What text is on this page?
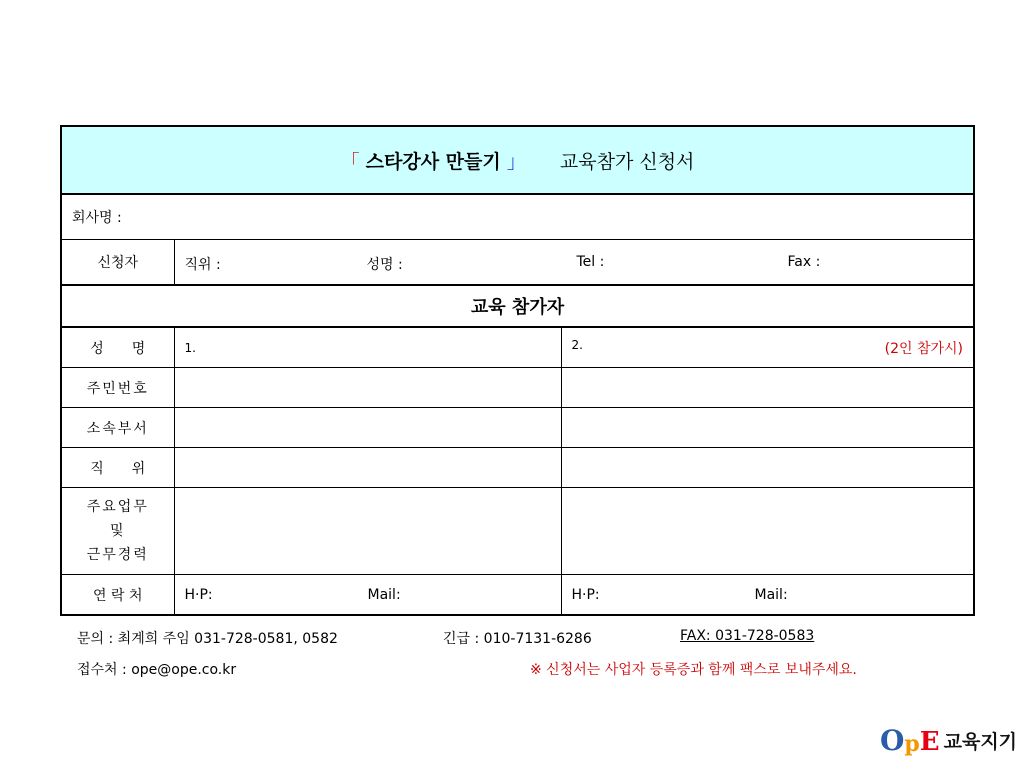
「 스타강사 만들기 」 교육참가 신청서		
회사명 :		
신청자	직위 : 성명 : Tel : Fax :	

교육 참가자		
성　　명	1.	2. (2인 참가시)

주민번호		
소속부서		
직　　위		

주요업무
및
근무경력		

연 락 처	H·P: Mail:	H·P: Mail:
문의 : 최계희 주임 031-728-0581, 0582	긴급 : 010-7131-6286	FAX: 031-728-0583
접수처 : ope@ope.co.kr	※ 신청서는 사업자 등록증과 함께 팩스로 보내주세요.
O p E 교육지기
